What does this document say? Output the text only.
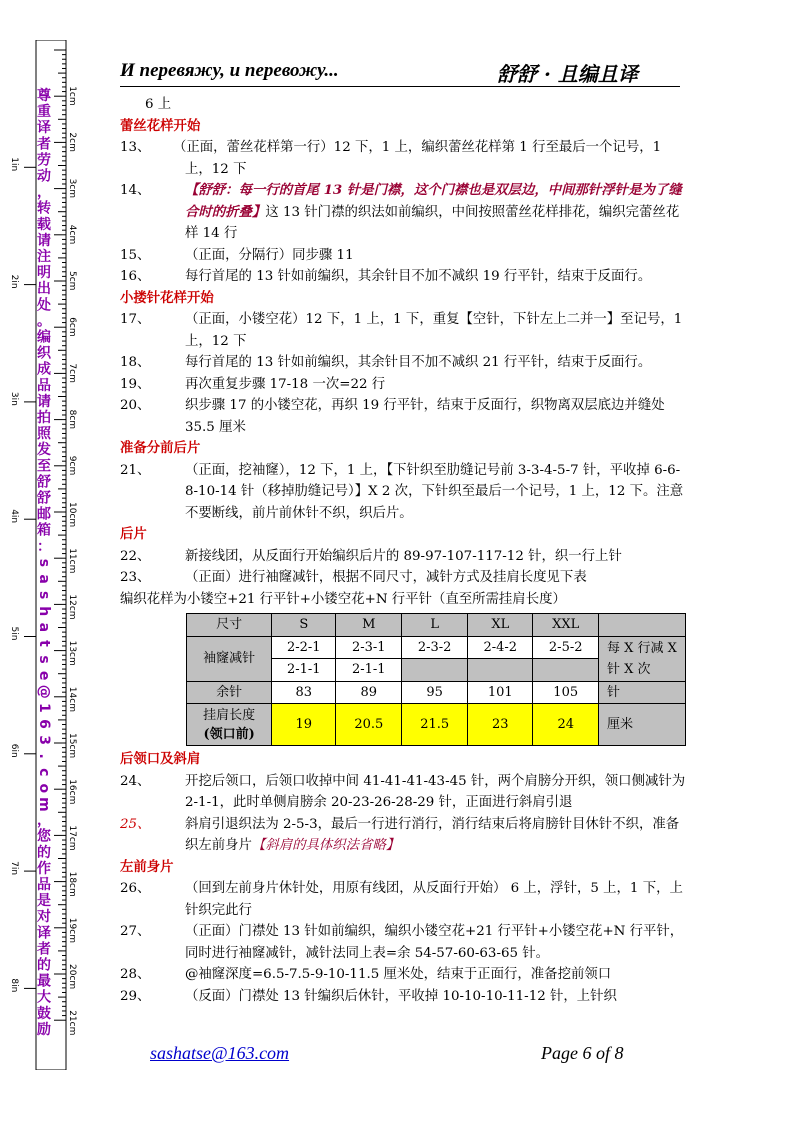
1cm
2cm
3cm
4cm
5cm
6cm
7cm
8cm
9cm
10cm
11cm
12cm
13cm
14cm
15cm
16cm
17cm
18cm
19cm
20cm
21cm
1in
2in
3in
4in
5in
6in
7in
8in
尊
重
译
者
劳
动
，
转
载
请
注
明
出
处
。
编
织
成
品
请
拍
照
发
至
舒
舒
邮
箱
：
s
a
s
h
a
t
s
e
@
1
6
3
.
c
o
m
，
您
的
作
品
是
对
译
者
的
最
大
鼓
励
И перевяжу, и перевожу...	舒舒 · 且编且译
6 上
蕾丝花样开始
13、 （正面，蕾丝花样第一行）12 下，1 上，编织蕾丝花样第 1 行至最后一个记号，1 上，12 下
14、	【舒舒：每一行的首尾 13 针是门襟，这个门襟也是双层边，中间那针浮针是为了缝合时的折叠】这 13 针门襟的织法如前编织，中间按照蕾丝花样排花，编织完蕾丝花样 14 行
15、	（正面，分隔行）同步骤 11
16、	每行首尾的 13 针如前编织，其余针目不加不减织 19 行平针，结束于反面行。
小搂针花样开始
17、	（正面，小镂空花）12 下，1 上，1 下，重复【空针，下针左上二并一】至记号，1 上，12 下
18、	每行首尾的 13 针如前编织，其余针目不加不减织 21 行平针，结束于反面行。
19、	再次重复步骤 17-18 一次=22 行
20、	织步骤 17 的小镂空花，再织 19 行平针，结束于反面行，织物离双层底边并缝处 35.5 厘米
准备分前后片
21、	（正面，挖袖窿），12 下，1 上，【下针织至肋缝记号前 3-3-4-5-7 针，平收掉 6-6-8-10-14 针（移掉肋缝记号）】X 2 次，下针织至最后一个记号，1 上，12 下。注意不要断线，前片前休针不织，织后片。
后片
22、	新接线团，从反面行开始编织后片的 89-97-107-117-12 针，织一行上针
23、	（正面）进行袖窿减针，根据不同尺寸，减针方式及挂肩长度见下表
编织花样为小镂空+21 行平针+小镂空花+N 行平针（直至所需挂肩长度）
尺寸	S	M	L	XL	XXL	
袖窿减针	2-2-1	2-3-1	2-3-2	2-4-2	2-5-2	每 X 行减 X
针 X 次
	2-1-1	2-1-1				
余针	83	89	95	101	105	针
挂肩长度
(领口前)	19	20.5	21.5	23	24	厘米
后领口及斜肩
24、	开挖后领口，后领口收掉中间 41-41-41-43-45 针，两个肩膀分开织，领口侧减针为 2-1-1，此时单侧肩膀余 20-23-26-28-29 针，正面进行斜肩引退
25、	斜肩引退织法为 2-5-3，最后一行进行消行，消行结束后将肩膀针目休针不织，准备织左前身片【斜肩的具体织法省略】
左前身片
26、	（回到左前身片休针处，用原有线团，从反面行开始） 6 上，浮针，5 上，1 下，上针织完此行
27、	（正面）门襟处 13 针如前编织，编织小镂空花+21 行平针+小镂空花+N 行平针，同时进行袖窿减针，减针法同上表=余 54-57-60-63-65 针。
28、	@袖窿深度=6.5-7.5-9-10-11.5 厘米处，结束于正面行，准备挖前领口
29、	（反面）门襟处 13 针编织后休针，平收掉 10-10-10-11-12 针，上针织
sashatse@163.com	Page 6 of 8
